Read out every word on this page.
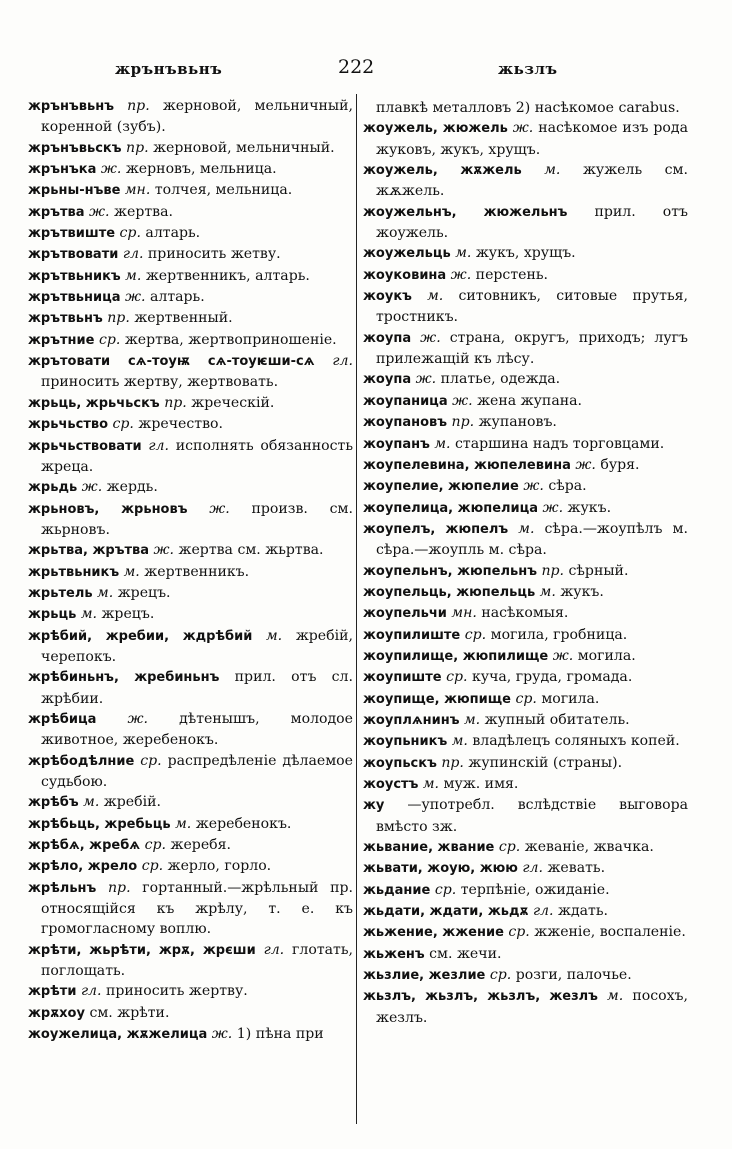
жрънъвьнъ	222	жьзлъ

жрънъвьнъ пр. жерновой, мельничный, коренной (зубъ).

жрънъвьскъ пр. жерновой, мельничный.

жрънъка ж. жерновъ, мельница.

жрьны-нъве мн. толчея, мельница.

жрътва ж. жертва.

жрътвиште ср. алтарь.

жрътвовати гл. приносить жетву.

жрътвьникъ м. жертвенникъ, алтарь.

жрътвьница ж. алтарь.

жрътвьнъ пр. жертвенный.

жрътние ср. жертва, жертвоприношеніе.

жрътовати сѧ-тоуѭ сѧ-тоуѥши-сѧ гл. приносить жертву, жертвовать.

жрьць, жрьчьскъ пр. жреческій.

жрьчьство ср. жречество.

жрьчьствовати гл. исполнять обязанность жреца.

жрьдь ж. жердь.

жрьновъ, жрьновъ ж. произв. см. жьрновъ.

жрьтва, жрътва ж. жертва см. жьртва.

жрьтвьникъ м. жертвенникъ.

жрьтель м. жрецъ.

жрьць м. жрецъ.

жрѣбий, жребии, ждрѣбий м. жребій, черепокъ.

жрѣбиньнъ, жребиньнъ прил. отъ сл. жрѣбии.

жрѣбица ж. дѣтенышъ, молодое животное, жеребенокъ.

жрѣбодѣлние ср. распредѣленіе дѣлаемое судьбою.

жрѣбъ м. жребій.

жрѣбьць, жребьць м. жеребенокъ.

жрѣбѧ, жребѧ ср. жеребя.

жрѣло, жрело ср. жерло, горло.

жрѣльнъ пр. гортанный.—жрѣльный пр. относящійся къ жрѣлу, т. е. къ громогласному воплю.

жрѣти, жьрѣти, жрѫ, жрєши гл. глотать, поглощать.

жрѣти гл. приносить жертву.

жрѫхоу см. жрѣти.

жоужелица, жѫжелица ж. 1) пѣна при

плавкѣ металловъ 2) насѣкомое carabus.

жоужель, жюжель ж. насѣкомое изъ рода жуковъ, жукъ, хрущъ.

жоужель, жѫжель м. жужель см. жѫжель.

жоужельнъ, жюжельнъ прил. отъ жоужель.

жоужельць м. жукъ, хрущъ.

жоуковина ж. перстень.

жоукъ м. ситовникъ, ситовые прутья, тростникъ.

жоупа ж. страна, округъ, приходъ; лугъ прилежащій къ лѣсу.

жоупа ж. платье, одежда.

жоупаница ж. жена жупана.

жоупановъ пр. жупановъ.

жоупанъ м. старшина надъ торговцами.

жоупелевина, жюпелевина ж. буря.

жоупелие, жюпелие ж. сѣра.

жоупелица, жюпелица ж. жукъ.

жоупелъ, жюпелъ м. сѣра.—жоупѣлъ м. сѣра.—жоупль м. сѣра.

жоупельнъ, жюпельнъ пр. сѣрный.

жоупельць, жюпельць м. жукъ.

жоупельчи мн. насѣкомыя.

жоупилиште ср. могила, гробница.

жоупилище, жюпилище ж. могила.

жоупиште ср. куча, груда, громада.

жоупище, жюпище ср. могила.

жоуплѧнинъ м. жупный обитатель.

жоупьникъ м. владѣлецъ соляныхъ копей.

жоупьскъ пр. жупинскій (страны).

жоустъ м. муж. имя.

жу —употребл. вслѣдствіе выговора вмѣсто зж.

жьвание, жвание ср. жеваніе, жвачка.

жьвати, жоую, жюю гл. жевать.

жьдание ср. терпѣніе, ожиданіе.

жьдати, ждати, жьдѫ гл. ждать.

жьжение, жжение ср. жженіе, воспаленіе.

жьженъ см. жечи.

жьзлие, жезлие ср. розги, палочье.

жьзлъ, жьзлъ, жьзлъ, жезлъ м. посохъ, жезлъ.
